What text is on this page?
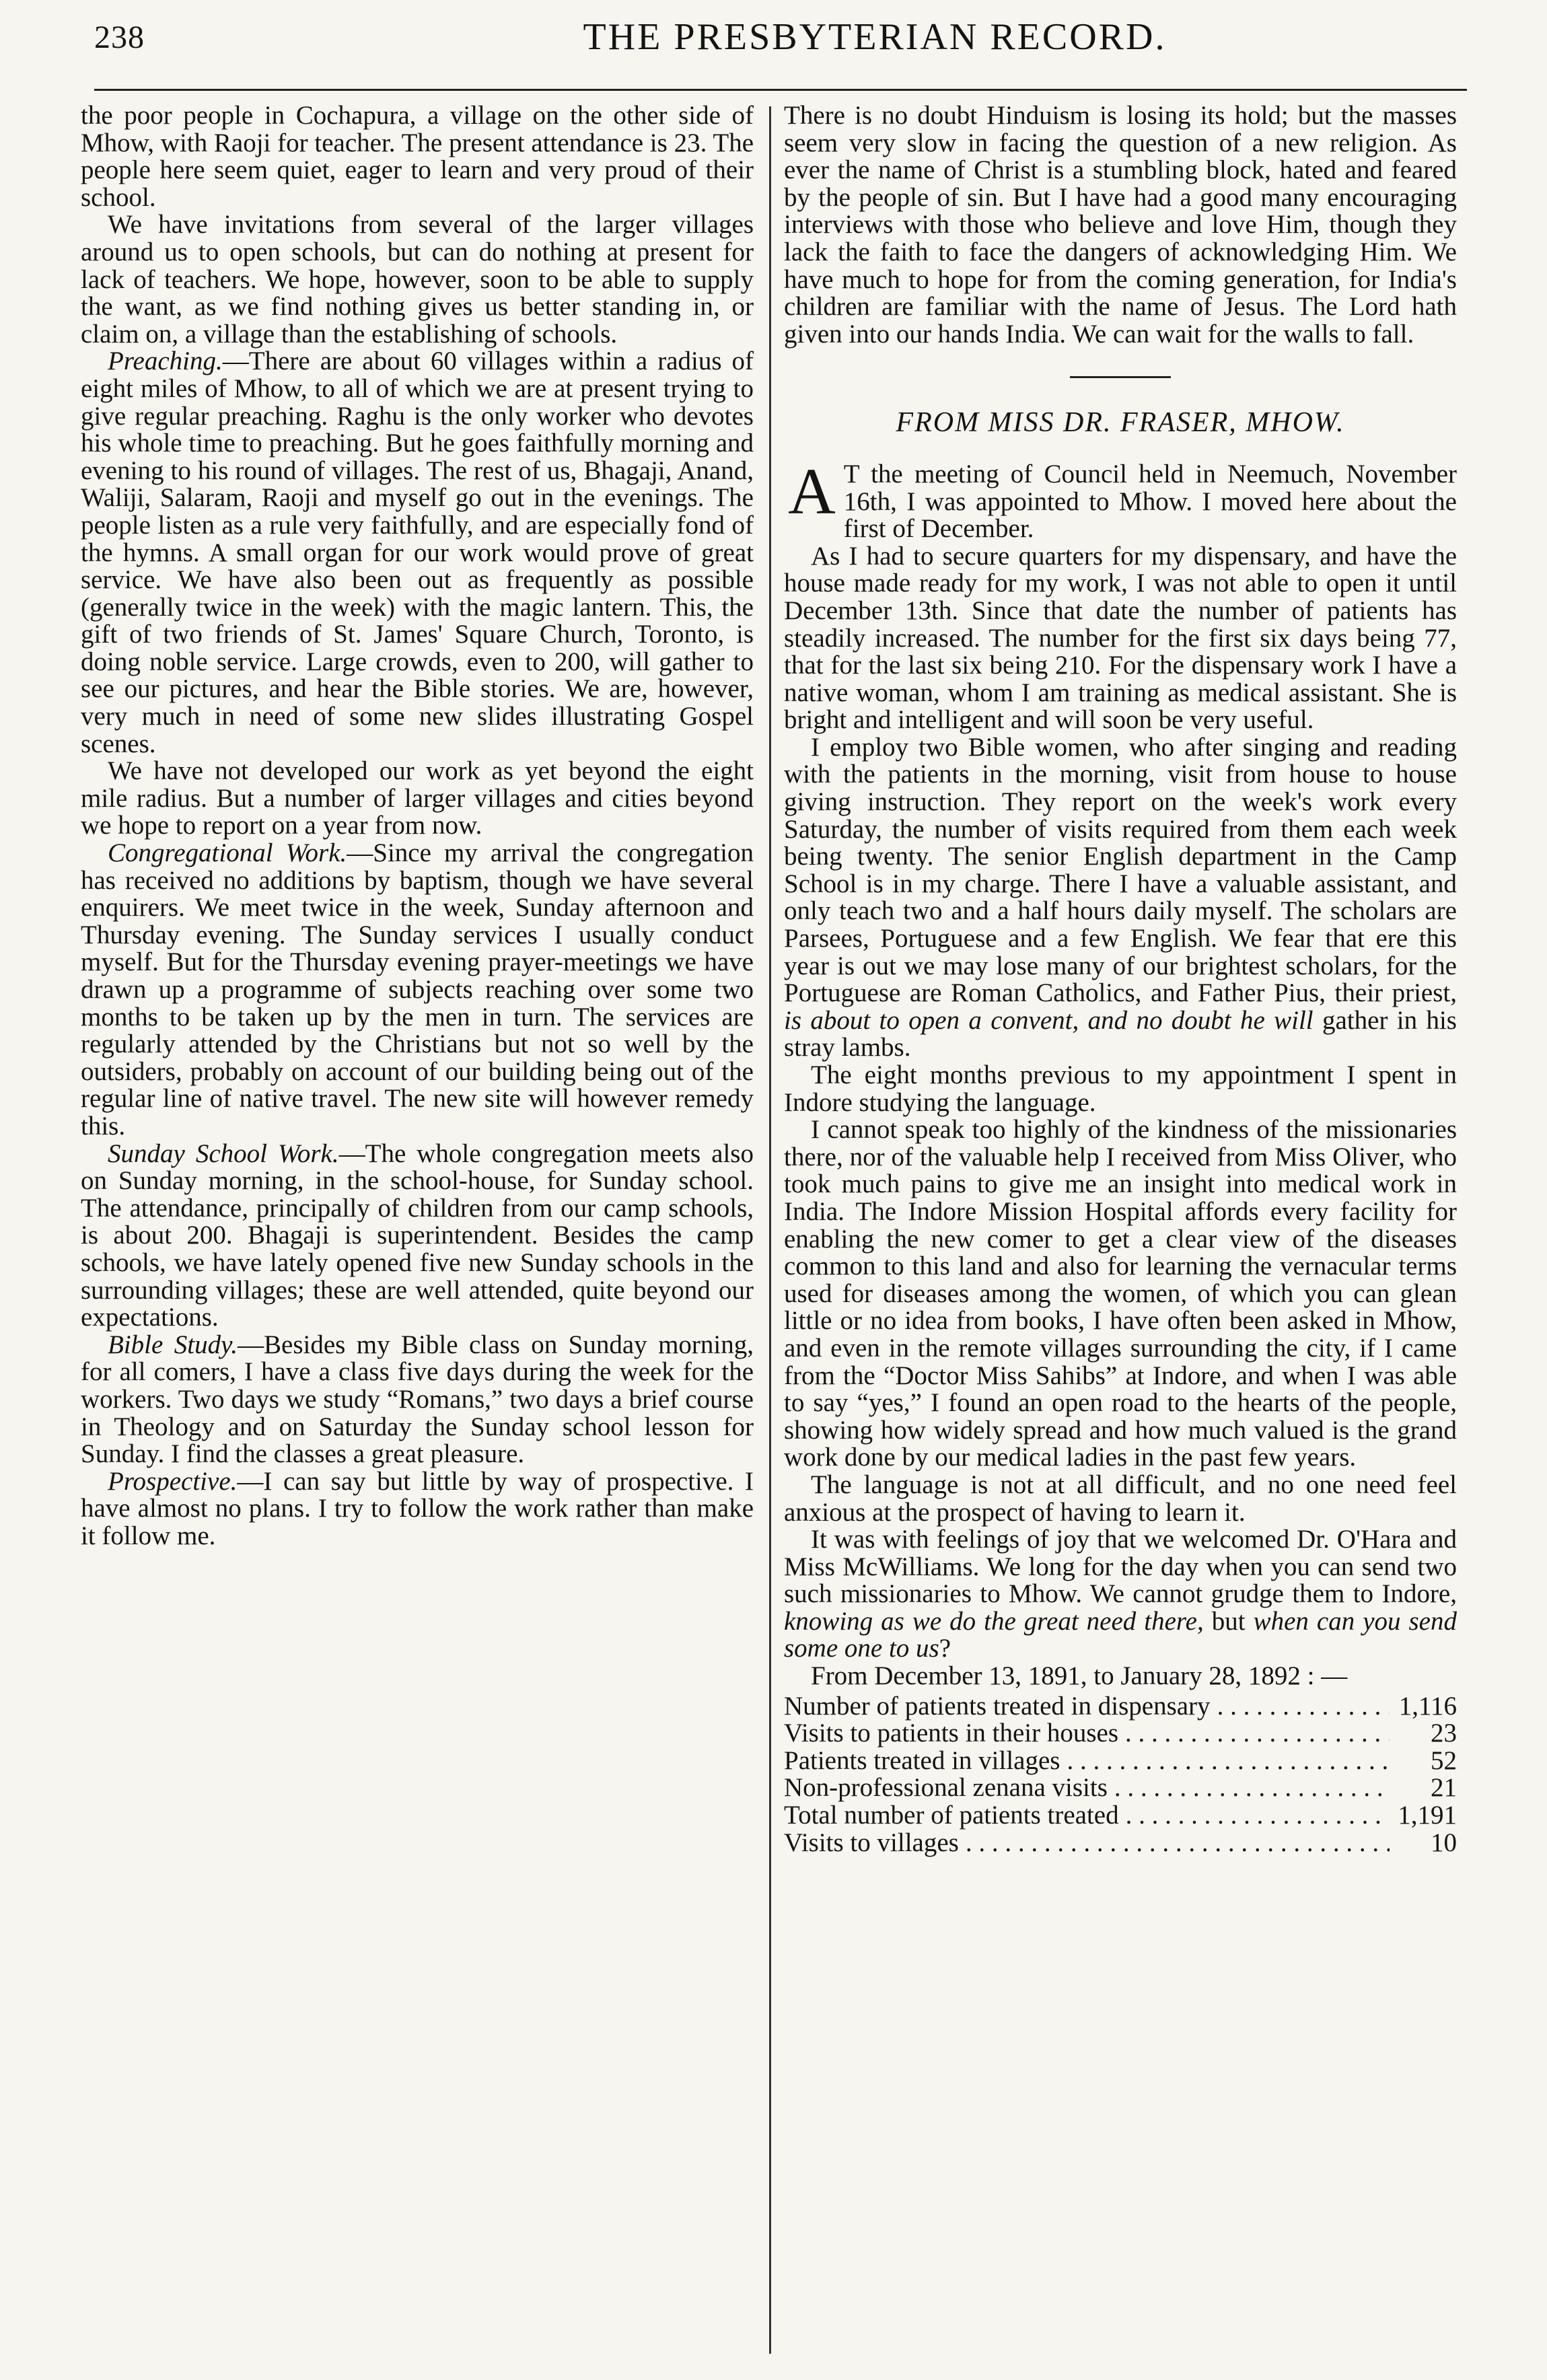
238	THE PRESBYTERIAN RECORD.

the poor people in Cochapura, a village on the other side of Mhow, with Raoji for teacher. The present attendance is 23. The people here seem quiet, eager to learn and very proud of their school.

We have invitations from several of the larger villages around us to open schools, but can do nothing at present for lack of teachers. We hope, however, soon to be able to supply the want, as we find nothing gives us better standing in, or claim on, a village than the establishing of schools.

Preaching.—There are about 60 villages within a radius of eight miles of Mhow, to all of which we are at present trying to give regular preaching. Raghu is the only worker who devotes his whole time to preaching. But he goes faithfully morning and evening to his round of villages. The rest of us, Bhagaji, Anand, Waliji, Salaram, Raoji and myself go out in the evenings. The people listen as a rule very faithfully, and are especially fond of the hymns. A small organ for our work would prove of great service. We have also been out as frequently as possible (generally twice in the week) with the magic lantern. This, the gift of two friends of St. James' Square Church, Toronto, is doing noble service. Large crowds, even to 200, will gather to see our pictures, and hear the Bible stories. We are, however, very much in need of some new slides illustrating Gospel scenes.

We have not developed our work as yet beyond the eight mile radius. But a number of larger villages and cities beyond we hope to report on a year from now.

Congregational Work.—Since my arrival the congregation has received no additions by baptism, though we have several enquirers. We meet twice in the week, Sunday afternoon and Thursday evening. The Sunday services I usually conduct myself. But for the Thursday evening prayer-meetings we have drawn up a programme of subjects reaching over some two months to be taken up by the men in turn. The services are regularly attended by the Christians but not so well by the outsiders, probably on account of our building being out of the regular line of native travel. The new site will however remedy this.

Sunday School Work.—The whole congregation meets also on Sunday morning, in the school-house, for Sunday school. The attendance, principally of children from our camp schools, is about 200. Bhagaji is superintendent. Besides the camp schools, we have lately opened five new Sunday schools in the surrounding villages; these are well attended, quite beyond our expectations.

Bible Study.—Besides my Bible class on Sunday morning, for all comers, I have a class five days during the week for the workers. Two days we study “Romans,” two days a brief course in Theology and on Saturday the Sunday school lesson for Sunday. I find the classes a great pleasure.

Prospective.—I can say but little by way of prospective. I have almost no plans. I try to follow the work rather than make it follow me.

There is no doubt Hinduism is losing its hold; but the masses seem very slow in facing the question of a new religion. As ever the name of Christ is a stumbling block, hated and feared by the people of sin. But I have had a good many encouraging interviews with those who believe and love Him, though they lack the faith to face the dangers of acknowledging Him. We have much to hope for from the coming generation, for India's children are familiar with the name of Jesus. The Lord hath given into our hands India. We can wait for the walls to fall.

FROM MISS DR. FRASER, MHOW.

A T the meeting of Council held in Neemuch, November 16th, I was appointed to Mhow. I moved here about the first of December.

As I had to secure quarters for my dispensary, and have the house made ready for my work, I was not able to open it until December 13th. Since that date the number of patients has steadily increased. The number for the first six days being 77, that for the last six being 210. For the dispensary work I have a native woman, whom I am training as medical assistant. She is bright and intelligent and will soon be very useful.

I employ two Bible women, who after singing and reading with the patients in the morning, visit from house to house giving instruction. They report on the week's work every Saturday, the number of visits required from them each week being twenty. The senior English department in the Camp School is in my charge. There I have a valuable assistant, and only teach two and a half hours daily myself. The scholars are Parsees, Portuguese and a few English. We fear that ere this year is out we may lose many of our brightest scholars, for the Portuguese are Roman Catholics, and Father Pius, their priest, is about to open a convent, and no doubt he will gather in his stray lambs.

The eight months previous to my appointment I spent in Indore studying the language.

I cannot speak too highly of the kindness of the missionaries there, nor of the valuable help I received from Miss Oliver, who took much pains to give me an insight into medical work in India. The Indore Mission Hospital affords every facility for enabling the new comer to get a clear view of the diseases common to this land and also for learning the vernacular terms used for diseases among the women, of which you can glean little or no idea from books, I have often been asked in Mhow, and even in the remote villages surrounding the city, if I came from the “Doctor Miss Sahibs” at Indore, and when I was able to say “yes,” I found an open road to the hearts of the people, showing how widely spread and how much valued is the grand work done by our medical ladies in the past few years.

The language is not at all difficult, and no one need feel anxious at the prospect of having to learn it.

It was with feelings of joy that we welcomed Dr. O'Hara and Miss McWilliams. We long for the day when you can send two such missionaries to Mhow. We cannot grudge them to Indore, knowing as we do the great need there, but when can you send some one to us?

From December 13, 1891, to January 28, 1892 : —

Number of patients treated in dispensary . . .	1,116
Visits to patients in their houses . . .	23
Patients treated in villages . . .	52
Non-professional zenana visits . . .	21
Total number of patients treated . . .	1,191
Visits to villages . . .	10
